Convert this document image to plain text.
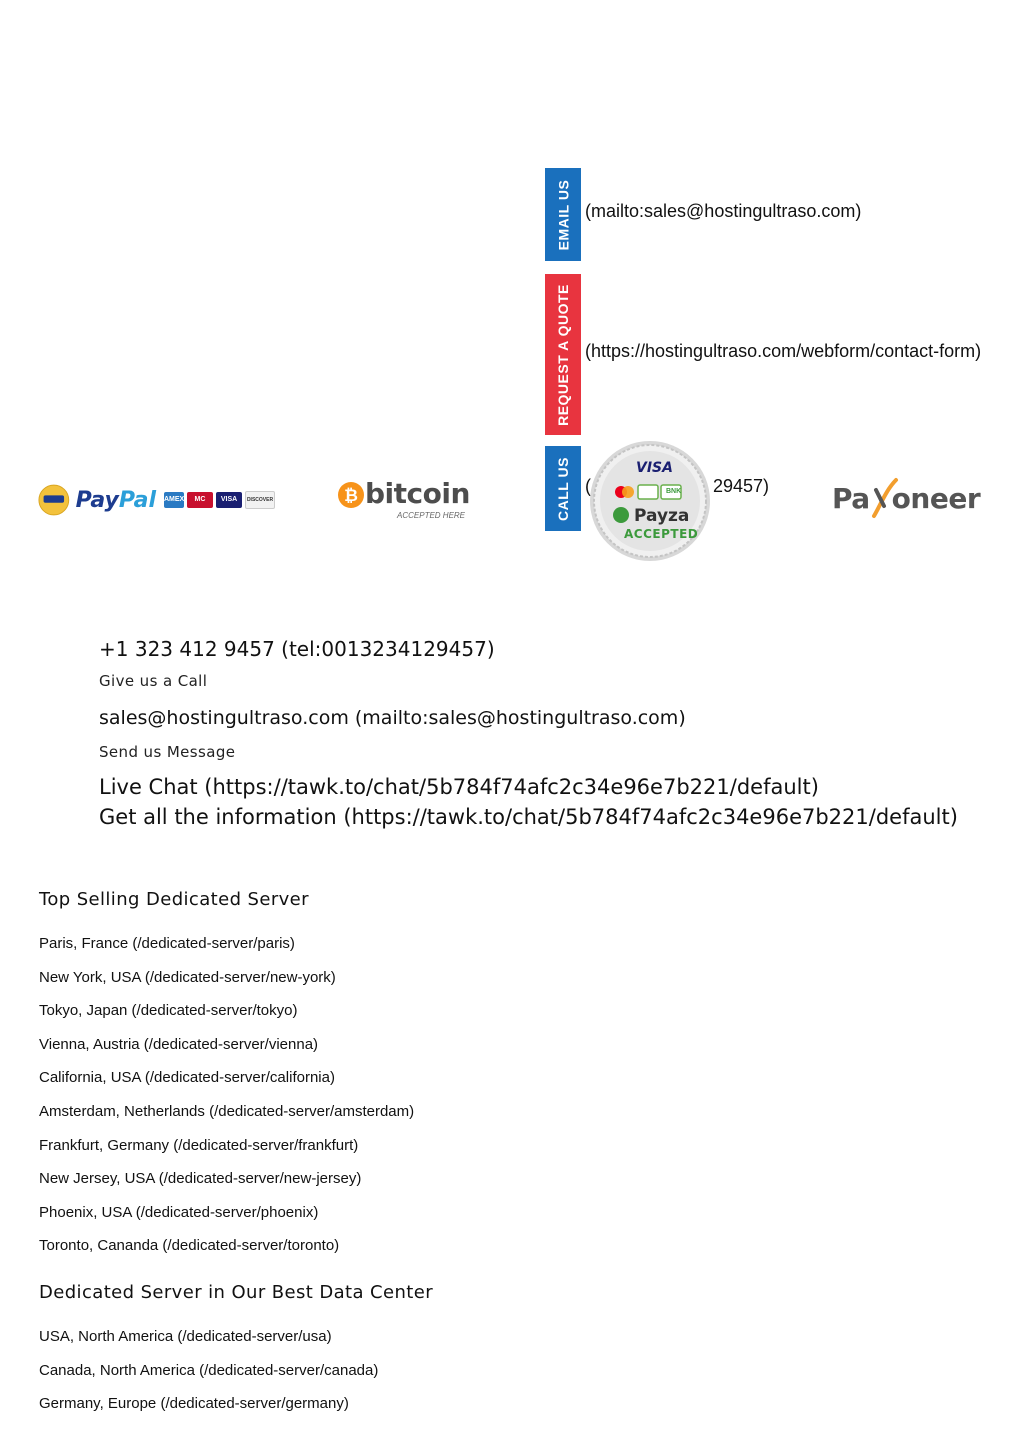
EMAIL US (mailto:sales@hostingultraso.com)
REQUEST A QUOTE (https://hostingultraso.com/webform/contact-form)
CALL US (	29457)
PayPal AMEX	MC	VISA	DISCOVER	₿ bitcoin
ACCEPTED HERE
VISA
BNK
Payza
ACCEPTED
Pa oneer
+1 323 412 9457 (tel:0013234129457)
Give us a Call
sales@hostingultraso.com (mailto:sales@hostingultraso.com)
Send us Message
Live Chat (https://tawk.to/chat/5b784f74afc2c34e96e7b221/default)
Get all the information (https://tawk.to/chat/5b784f74afc2c34e96e7b221/default)
Top Selling Dedicated Server
Paris, France (/dedicated-server/paris)
New York, USA (/dedicated-server/new-york)
Tokyo, Japan (/dedicated-server/tokyo)
Vienna, Austria (/dedicated-server/vienna)
California, USA (/dedicated-server/california)
Amsterdam, Netherlands (/dedicated-server/amsterdam)
Frankfurt, Germany (/dedicated-server/frankfurt)
New Jersey, USA (/dedicated-server/new-jersey)
Phoenix, USA (/dedicated-server/phoenix)
Toronto, Cananda (/dedicated-server/toronto)
Dedicated Server in Our Best Data Center
USA, North America (/dedicated-server/usa)
Canada, North America (/dedicated-server/canada)
Germany, Europe (/dedicated-server/germany)
